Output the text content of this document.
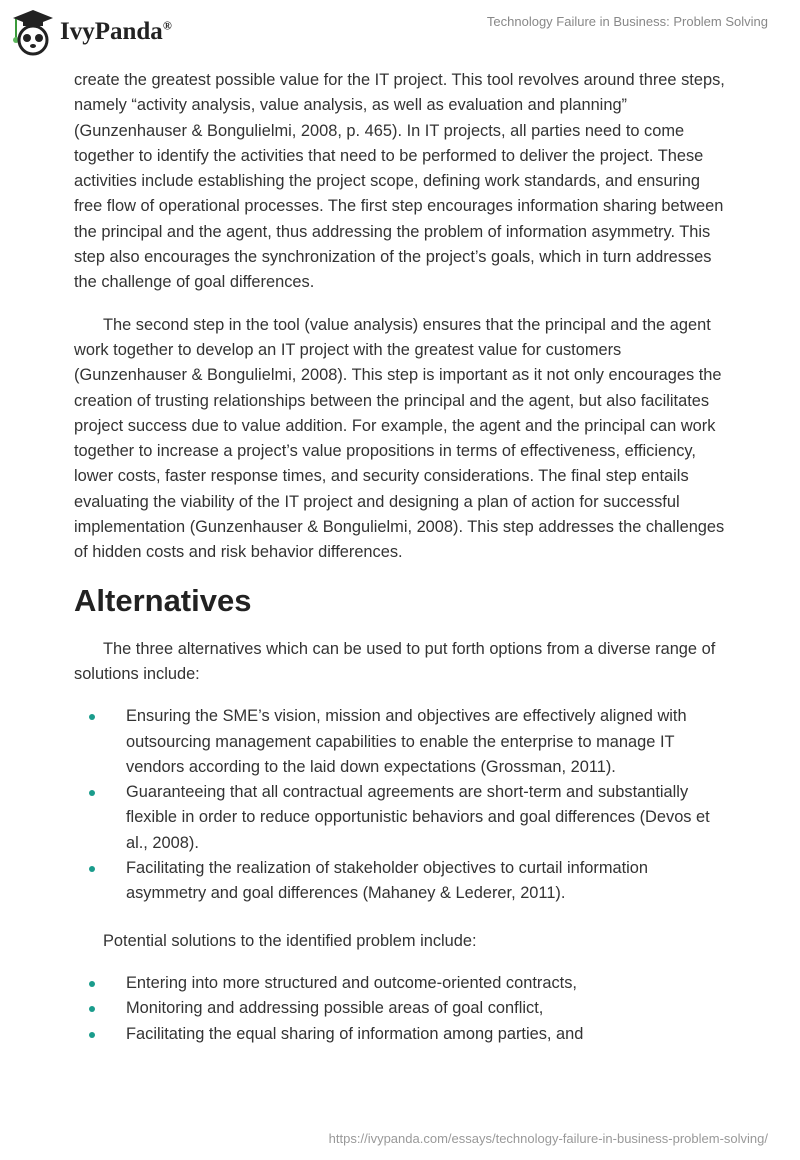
IvyPanda®	Technology Failure in Business: Problem Solving

create the greatest possible value for the IT project. This tool revolves around three steps, namely “activity analysis, value analysis, as well as evaluation and planning” (Gunzenhauser & Bongulielmi, 2008, p. 465). In IT projects, all parties need to come together to identify the activities that need to be performed to deliver the project. These activities include establishing the project scope, defining work standards, and ensuring free flow of operational processes. The first step encourages information sharing between the principal and the agent, thus addressing the problem of information asymmetry. This step also encourages the synchronization of the project’s goals, which in turn addresses the challenge of goal differences.

The second step in the tool (value analysis) ensures that the principal and the agent work together to develop an IT project with the greatest value for customers (Gunzenhauser & Bongulielmi, 2008). This step is important as it not only encourages the creation of trusting relationships between the principal and the agent, but also facilitates project success due to value addition. For example, the agent and the principal can work together to increase a project’s value propositions in terms of effectiveness, efficiency, lower costs, faster response times, and security considerations. The final step entails evaluating the viability of the IT project and designing a plan of action for successful implementation (Gunzenhauser & Bongulielmi, 2008). This step addresses the challenges of hidden costs and risk behavior differences.

Alternatives

The three alternatives which can be used to put forth options from a diverse range of solutions include:

Ensuring the SME’s vision, mission and objectives are effectively aligned with outsourcing management capabilities to enable the enterprise to manage IT vendors according to the laid down expectations (Grossman, 2011).
Guaranteeing that all contractual agreements are short-term and substantially flexible in order to reduce opportunistic behaviors and goal differences (Devos et al., 2008).
Facilitating the realization of stakeholder objectives to curtail information asymmetry and goal differences (Mahaney & Lederer, 2011).

Potential solutions to the identified problem include:

Entering into more structured and outcome-oriented contracts,
Monitoring and addressing possible areas of goal conflict,
Facilitating the equal sharing of information among parties, and
https://ivypanda.com/essays/technology-failure-in-business-problem-solving/
